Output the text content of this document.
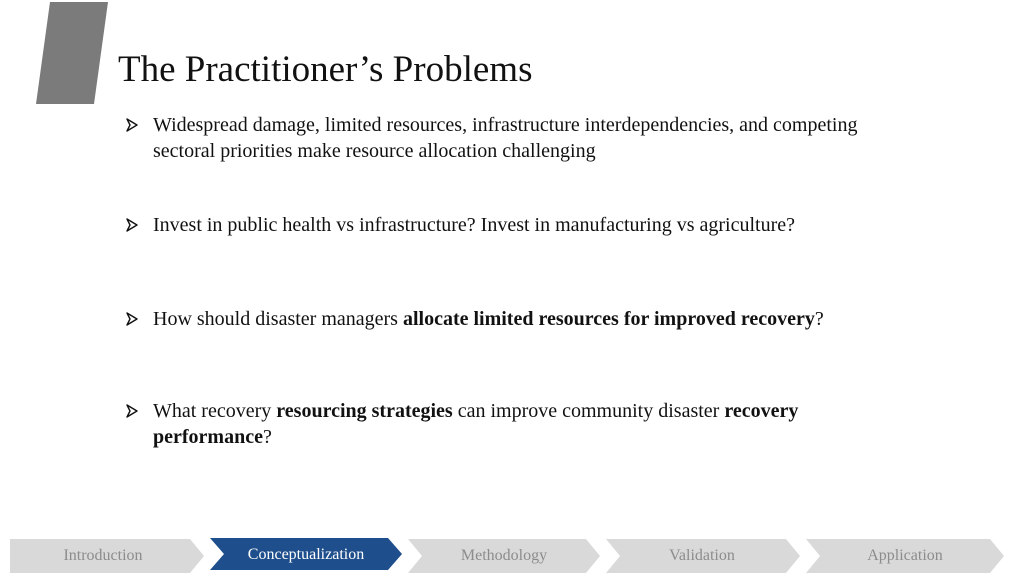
The Practitioner’s Problems
Widespread damage, limited resources, infrastructure interdependencies, and competing sectoral priorities make resource allocation challenging
Invest in public health vs infrastructure? Invest in manufacturing vs agriculture?
How should disaster managers allocate limited resources for improved recovery?
What recovery resourcing strategies can improve community disaster recovery performance?
Introduction	Conceptualization	Methodology	Validation	Application
